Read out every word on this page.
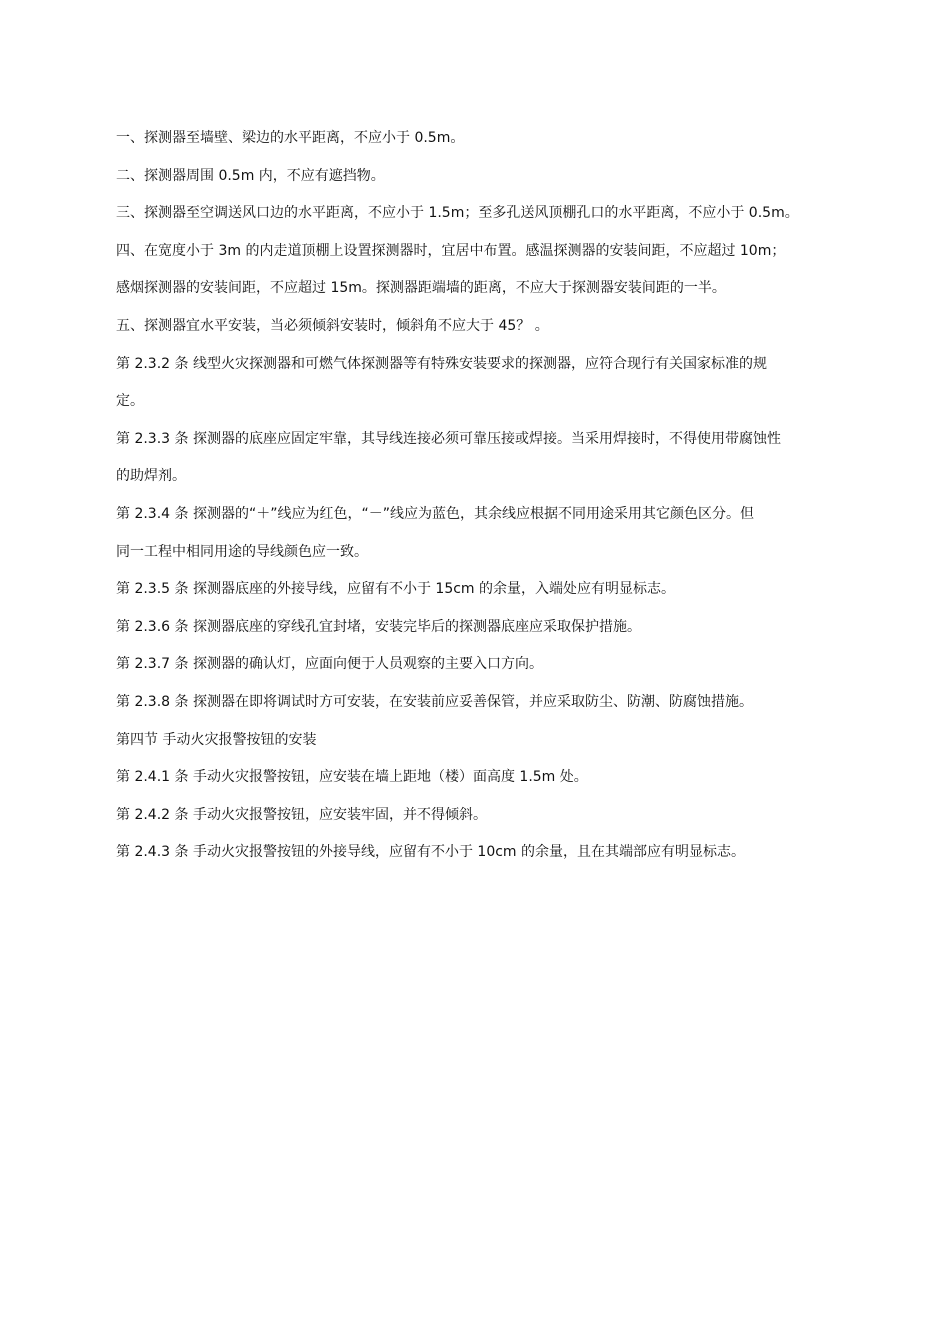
一、探测器至墙壁、梁边的水平距离，不应小于 0.5m。
二、探测器周围 0.5m 内，不应有遮挡物。
三、探测器至空调送风口边的水平距离，不应小于 1.5m；至多孔送风顶棚孔口的水平距离，不应小于 0.5m。
四、在宽度小于 3m 的内走道顶棚上设置探测器时，宜居中布置。感温探测器的安装间距，不应超过 10m；
感烟探测器的安装间距，不应超过 15m。探测器距端墙的距离，不应大于探测器安装间距的一半。
五、探测器宜水平安装，当必须倾斜安装时，倾斜角不应大于 45？ 。
第 2.3.2 条 线型火灾探测器和可燃气体探测器等有特殊安装要求的探测器，应符合现行有关国家标准的规
定。
第 2.3.3 条 探测器的底座应固定牢靠，其导线连接必须可靠压接或焊接。当采用焊接时，不得使用带腐蚀性
的助焊剂。
第 2.3.4 条 探测器的“＋”线应为红色，“－”线应为蓝色，其余线应根据不同用途采用其它颜色区分。但
同一工程中相同用途的导线颜色应一致。
第 2.3.5 条 探测器底座的外接导线，应留有不小于 15cm 的余量，入端处应有明显标志。
第 2.3.6 条 探测器底座的穿线孔宜封堵，安装完毕后的探测器底座应采取保护措施。
第 2.3.7 条 探测器的确认灯，应面向便于人员观察的主要入口方向。
第 2.3.8 条 探测器在即将调试时方可安装，在安装前应妥善保管，并应采取防尘、防潮、防腐蚀措施。
第四节 手动火灾报警按钮的安装
第 2.4.1 条 手动火灾报警按钮，应安装在墙上距地（楼）面高度 1.5m 处。
第 2.4.2 条 手动火灾报警按钮，应安装牢固，并不得倾斜。
第 2.4.3 条 手动火灾报警按钮的外接导线，应留有不小于 10cm 的余量，且在其端部应有明显标志。
